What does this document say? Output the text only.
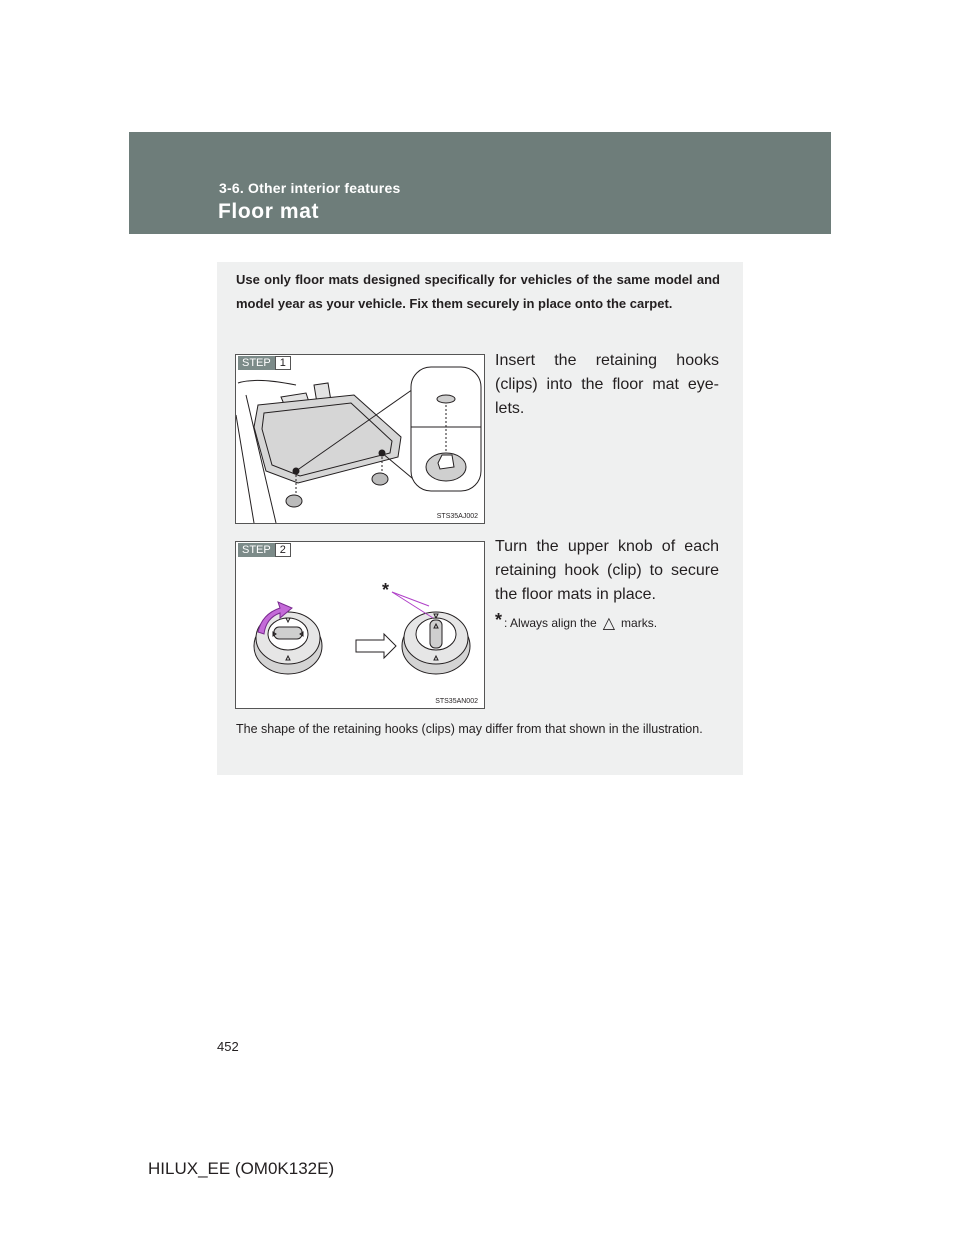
3-6. Other interior features
Floor mat

Use only floor mats designed specifically for vehicles of the same model and model year as your vehicle. Fix them securely in place onto the carpet.

STEP 1
STS35AJ002

Insert the retaining hooks (clips) into the floor mat eye-lets.

*
STEP 2
STS35AN002

Turn the upper knob of each retaining hook (clip) to secure the floor mats in place.

* : Always align the △ marks.

The shape of the retaining hooks (clips) may differ from that shown in the illustration.

452
HILUX_EE (OM0K132E)
